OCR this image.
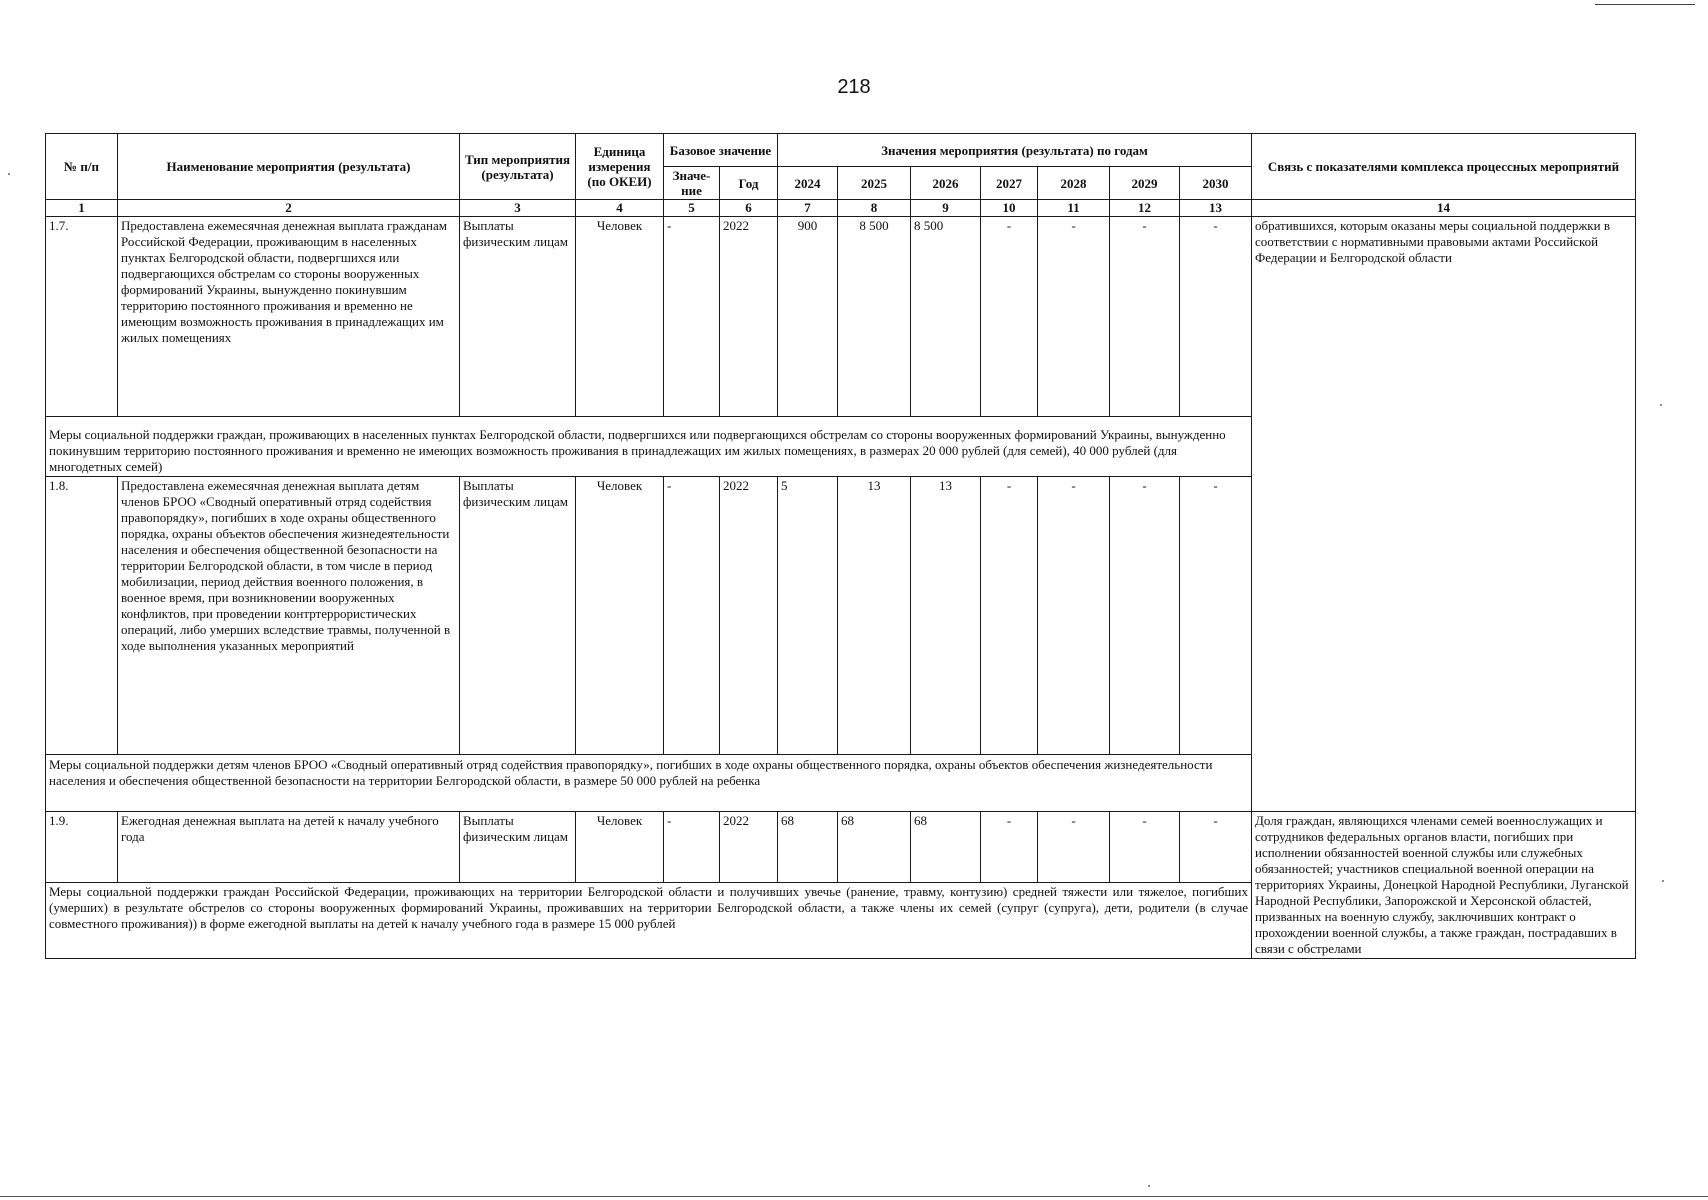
218
№ п/п	Наименование мероприятия (результата)	Тип мероприятия (результата)	Единица измерения (по ОКЕИ)	Базовое значение		Значения мероприятия (результата) по годам							Связь с показателями комплекса процессных мероприятий
				Значе-ние	Год	2024	2025	2026	2027	2028	2029	2030	
1	2	3	4	5	6	7	8	9	10	11	12	13	14
1.7.	Предоставлена ежемесячная денежная выплата гражданам Российской Федерации, проживающим в населенных пунктах Белгородской области, подвергшихся или подвергающихся обстрелам со стороны вооруженных формирований Украины, вынужденно покинувшим территорию постоянного проживания и временно не имеющим возможность проживания в принадлежащих им жилых помещениях	Выплаты физическим лицам	Человек	-	2022	900	8 500	8 500	-	-	-	-	обратившихся, которым оказаны меры социальной поддержки в соответствии с нормативными правовыми актами Российской Федерации и Белгородской области
Меры социальной поддержки граждан, проживающих в населенных пунктах Белгородской области, подвергшихся или подвергающихся обстрелам со стороны вооруженных формирований Украины, вынужденно покинувшим территорию постоянного проживания и временно не имеющих возможность проживания в принадлежащих им жилых помещениях, в размерах 20 000 рублей (для семей), 40 000 рублей (для многодетных семей)													
1.8.	Предоставлена ежемесячная денежная выплата детям членов БРОО «Сводный оперативный отряд содействия правопорядку», погибших в ходе охраны общественного порядка, охраны объектов обеспечения жизнедеятельности населения и обеспечения общественной безопасности на территории Белгородской области, в том числе в период мобилизации, период действия военного положения, в военное время, при возникновении вооруженных конфликтов, при проведении контртеррористических операций, либо умерших вследствие травмы, полученной в ходе выполнения указанных мероприятий	Выплаты физическим лицам	Человек	-	2022	5	13	13	-	-	-	-	
Меры социальной поддержки детям членов БРОО «Сводный оперативный отряд содействия правопорядку», погибших в ходе охраны общественного порядка, охраны объектов обеспечения жизнедеятельности населения и обеспечения общественной безопасности на территории Белгородской области, в размере 50 000 рублей на ребенка													
1.9.	Ежегодная денежная выплата на детей к началу учебного года	Выплаты физическим лицам	Человек	-	2022	68	68	68	-	-	-	-	Доля граждан, являющихся членами семей военнослужащих и сотрудников федеральных органов власти, погибших при исполнении обязанностей военной службы или служебных обязанностей; участников специальной военной операции на территориях Украины, Донецкой Народной Республики, Луганской Народной Республики, Запорожской и Херсонской областей, призванных на военную службу, заключивших контракт о прохождении военной службы, а также граждан, пострадавших в связи с обстрелами
Меры социальной поддержки граждан Российской Федерации, проживающих на территории Белгородской области и получивших увечье (ранение, травму, контузию) средней тяжести или тяжелое, погибших (умерших) в результате обстрелов со стороны вооруженных формирований Украины, проживавших на территории Белгородской области, а также члены их семей (супруг (супруга), дети, родители (в случае совместного проживания)) в форме ежегодной выплаты на детей к началу учебного года в размере 15 000 рублей													
